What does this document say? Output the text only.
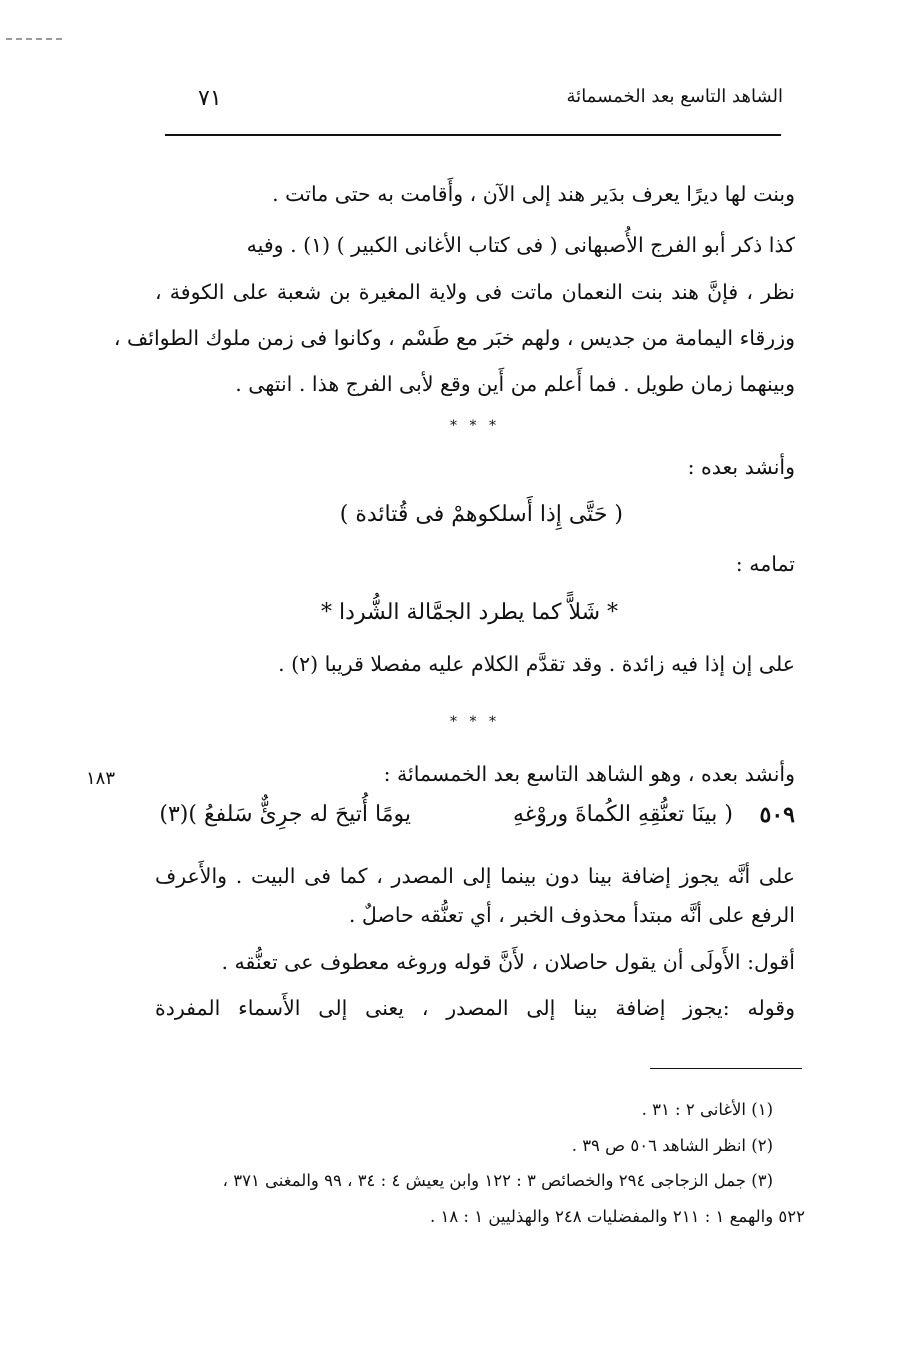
الشاهد التاسع بعد الخمسمائة
٧١
وبنت لها ديرًا يعرف بدَير هند إلى الآن ، وأَقامت به حتى ماتت .
كذا ذكر أبو الفرج الأُصبهانى ( فى كتاب الأغانى الكبير ) (١) . وفيه
نظر ، فإنَّ هند بنت النعمان ماتت فى ولاية المغيرة بن شعبة على الكوفة ،
وزرقاء اليمامة من جديس ، ولهم خبَر مع طَسْم ، وكانوا فى زمن ملوك الطوائف ،
وبينهما زمان طويل . فما أَعلم من أَين وقع لأبى الفرج هذا . انتهى .
* * *
وأنشد بعده :
( حَتَّى إِذا أَسلكوهمْ فى قُتائدة )
تمامه :
* شَلاًّ كما يطرد الجمَّالة الشُّردا *
على إن إذا فيه زائدة . وقد تقدَّم الكلام عليه مفصلا قريبا (٢) .
* * *
وأنشد بعده ، وهو الشاهد التاسع بعد الخمسمائة :
١٨٣
٥٠٩
( بينَا تعنُّقِهِ الكُماةَ وروْغهِ
يومًا أُتيحَ له جرِئٌّ سَلفعُ )(٣)
على أنَّه يجوز إضافة بينا دون بينما إلى المصدر ، كما فى البيت . والأَعرف
الرفع على أنَّه مبتدأ محذوف الخبر ، أي تعنُّقه حاصلٌ .
أقول: الأَولَى أن يقول حاصلان ، لأَنَّ قوله وروغه معطوف عى تعنُّقه .
وقوله :يجوز إضافة بينا إلى المصدر ، يعنى إلى الأَسماء المفردة
(١) الأغانى ٢ : ٣١ .
(٢) انظر الشاهد ٥٠٦ ص ٣٩ .
(٣) جمل الزجاجى ٢٩٤ والخصائص ٣ : ١٢٢ وابن يعيش ٤ : ٣٤ ، ٩٩ والمغنى ٣٧١ ،
٥٢٢ والهمع ١ : ٢١١ والمفضليات ٢٤٨ والهذليين ١ : ١٨ .
